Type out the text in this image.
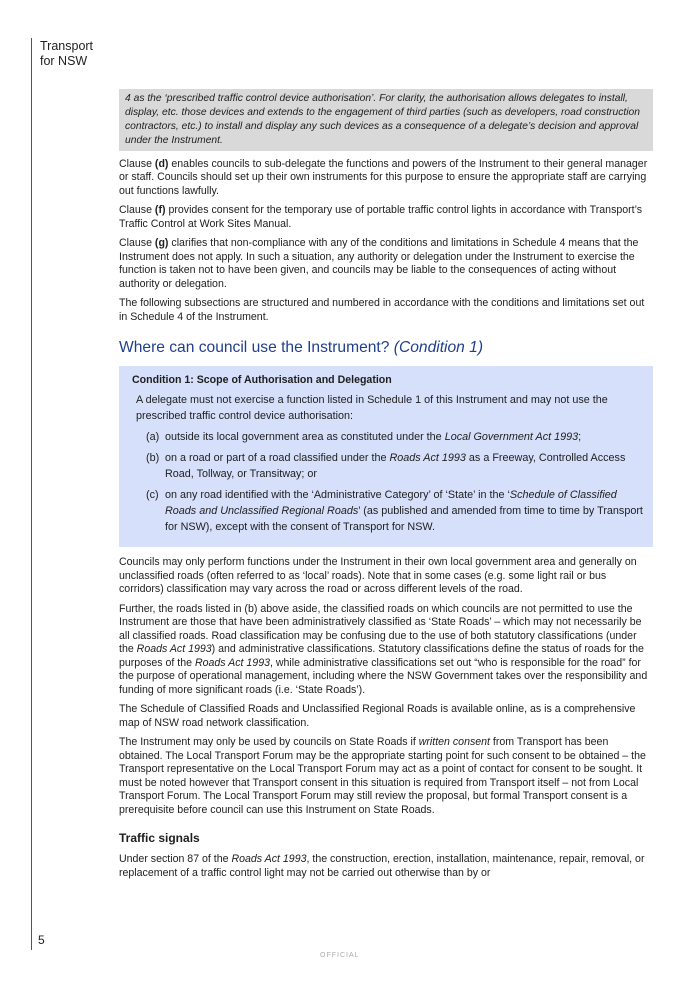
Transport
for NSW
5
OFFICIAL
4 as the ‘prescribed traffic control device authorisation’. For clarity, the authorisation allows delegates to install, display, etc. those devices and extends to the engagement of third parties (such as developers, road construction contractors, etc.) to install and display any such devices as a consequence of a delegate’s decision and approval under the Instrument.

Clause (d) enables councils to sub-delegate the functions and powers of the Instrument to their general manager or staff. Councils should set up their own instruments for this purpose to ensure the appropriate staff are carrying out functions lawfully.

Clause (f) provides consent for the temporary use of portable traffic control lights in accordance with Transport’s Traffic Control at Work Sites Manual.

Clause (g) clarifies that non-compliance with any of the conditions and limitations in Schedule 4 means that the Instrument does not apply. In such a situation, any authority or delegation under the Instrument to exercise the function is taken not to have been given, and councils may be liable to the consequences of acting without authority or delegation.

The following subsections are structured and numbered in accordance with the conditions and limitations set out in Schedule 4 of the Instrument.

Where can council use the Instrument? (Condition 1)
Condition 1: Scope of Authorisation and Delegation
A delegate must not exercise a function listed in Schedule 1 of this Instrument and may not use the prescribed traffic control device authorisation:
(a) outside its local government area as constituted under the Local Government Act 1993;
(b) on a road or part of a road classified under the Roads Act 1993 as a Freeway, Controlled Access Road, Tollway, or Transitway; or
(c) on any road identified with the ‘Administrative Category’ of ‘State’ in the ‘Schedule of Classified Roads and Unclassified Regional Roads’ (as published and amended from time to time by Transport for NSW), except with the consent of Transport for NSW.

Councils may only perform functions under the Instrument in their own local government area and generally on unclassified roads (often referred to as ‘local’ roads). Note that in some cases (e.g. some light rail or bus corridors) classification may vary across the road or across different levels of the road.

Further, the roads listed in (b) above aside, the classified roads on which councils are not permitted to use the Instrument are those that have been administratively classified as ‘State Roads’ – which may not necessarily be all classified roads. Road classification may be confusing due to the use of both statutory classifications (under the Roads Act 1993) and administrative classifications. Statutory classifications define the status of roads for the purposes of the Roads Act 1993, while administrative classifications set out “who is responsible for the road” for the purpose of operational management, including where the NSW Government takes over the responsibility and funding of more significant roads (i.e. ‘State Roads’).

The Schedule of Classified Roads and Unclassified Regional Roads is available online, as is a comprehensive map of NSW road network classification.

The Instrument may only be used by councils on State Roads if written consent from Transport has been obtained. The Local Transport Forum may be the appropriate starting point for such consent to be obtained – the Transport representative on the Local Transport Forum may act as a point of contact for consent to be sought. It must be noted however that Transport consent in this situation is required from Transport itself – not from Local Transport Forum. The Local Transport Forum may still review the proposal, but formal Transport consent is a prerequisite before council can use this Instrument on State Roads.

Traffic signals

Under section 87 of the Roads Act 1993, the construction, erection, installation, maintenance, repair, removal, or replacement of a traffic control light may not be carried out otherwise than by or
